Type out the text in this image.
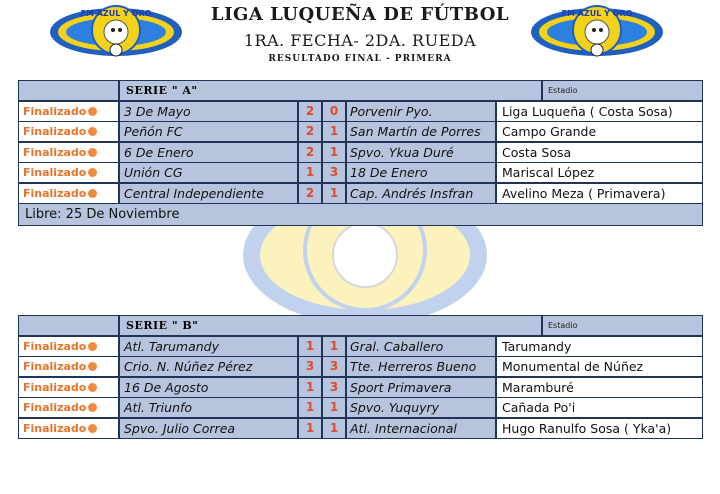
FM AZUL Y ORO	FM AZUL Y ORO
LIGA LUQUEÑA DE FÚTBOL
1RA. FECHA- 2DA. RUEDA
RESULTADO FINAL - PRIMERA
SERIE " A"	Estadio
Finalizado	3 De Mayo	2	0 Porvenir Pyo.	Liga Luqueña ( Costa Sosa)
Finalizado	Peñón FC	2	1 San Martín de Porres	Campo Grande
Finalizado	6 De Enero	2	1 Spvo. Ykua Duré	Costa Sosa
Finalizado	Unión CG	1	3 18 De Enero	Mariscal López
Finalizado	Central Independiente	2	1 Cap. Andrés Insfran	Avelino Meza ( Primavera)
Libre: 25 De Noviembre
SERIE " B"	Estadio
Finalizado	Atl. Tarumandy	1	1 Gral. Caballero	Tarumandy
Finalizado	Crio. N. Núñez Pérez	3	3 Tte. Herreros Bueno	Monumental de Núñez
Finalizado	16 De Agosto	1	3 Sport Primavera	Maramburé
Finalizado	Atl. Triunfo	1	1 Spvo. Yuquyry	Cañada Po'i
Finalizado	Spvo. Julio Correa	1	1 Atl. Internacional	Hugo Ranulfo Sosa ( Yka'a)
